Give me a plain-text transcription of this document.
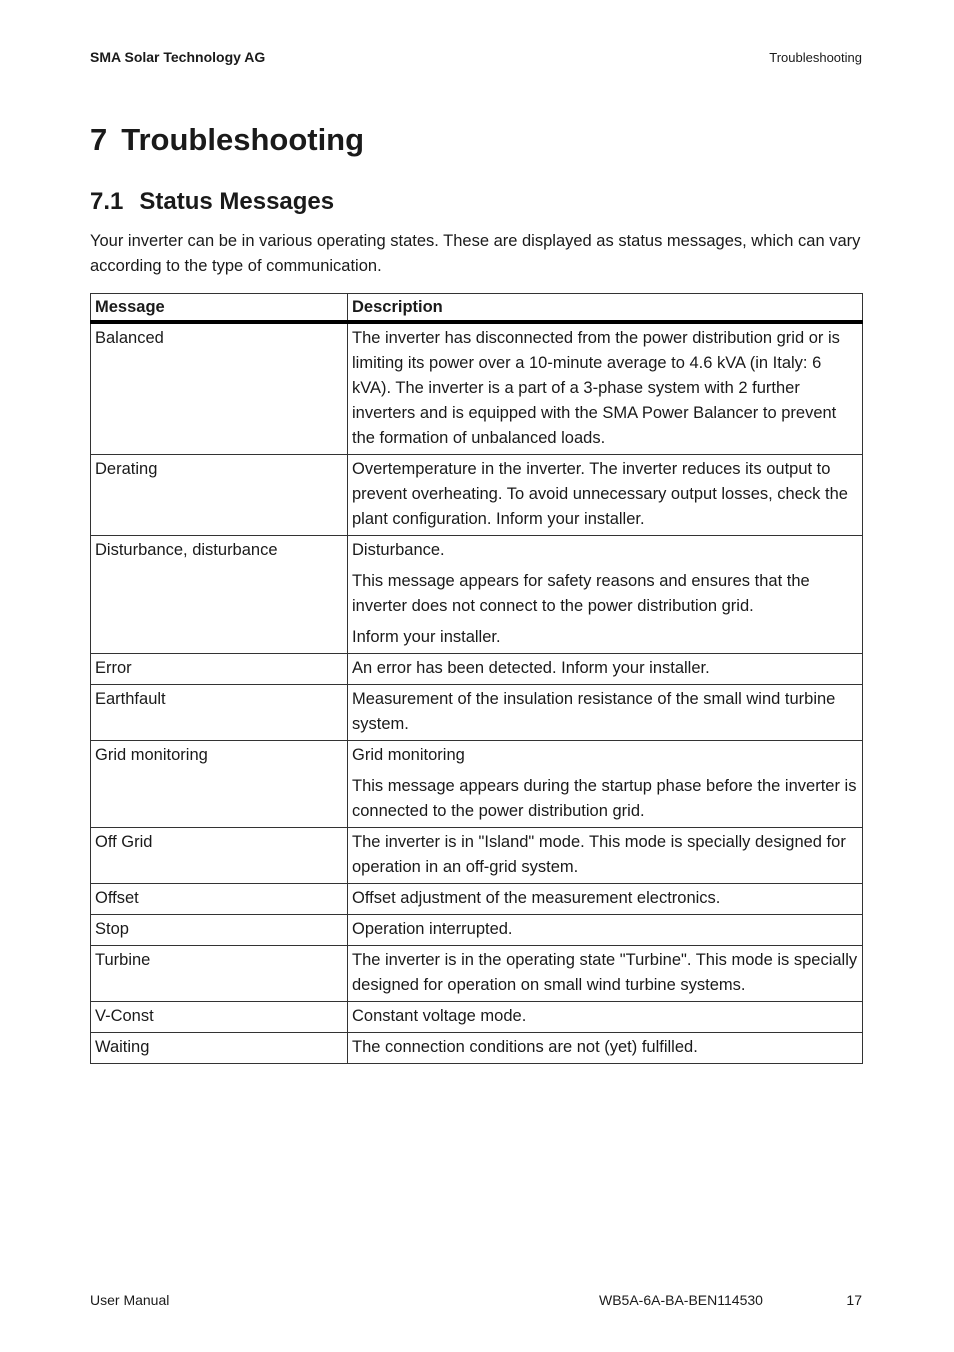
SMA Solar Technology AG	Troubleshooting
7 Troubleshooting
7.1 Status Messages

Your inverter can be in various operating states. These are displayed as status messages, which can vary according to the type of communication.

Message	Description
Balanced	The inverter has disconnected from the power distribution grid or is limiting its power over a 10-minute average to 4.6 kVA (in Italy: 6 kVA). The inverter is a part of a 3-phase system with 2 further inverters and is equipped with the SMA Power Balancer to prevent the formation of unbalanced loads.

Derating	Overtemperature in the inverter. The inverter reduces its output to prevent overheating. To avoid unnecessary output losses, check the plant configuration. Inform your installer.

Disturbance, disturbance	Disturbance.
This message appears for safety reasons and ensures that the inverter does not connect to the power distribution grid.
Inform your installer.

Error	An error has been detected. Inform your installer.

Earthfault	Measurement of the insulation resistance of the small wind turbine system.

Grid monitoring	Grid monitoring
This message appears during the startup phase before the inverter is connected to the power distribution grid.

Off Grid	The inverter is in "Island" mode. This mode is specially designed for operation in an off-grid system.

Offset	Offset adjustment of the measurement electronics.

Stop	Operation interrupted.

Turbine	The inverter is in the operating state "Turbine". This mode is specially designed for operation on small wind turbine systems.

V-Const	Constant voltage mode.

Waiting	The connection conditions are not (yet) fulfilled.
User Manual	WB5A-6A-BA-BEN114530	17
